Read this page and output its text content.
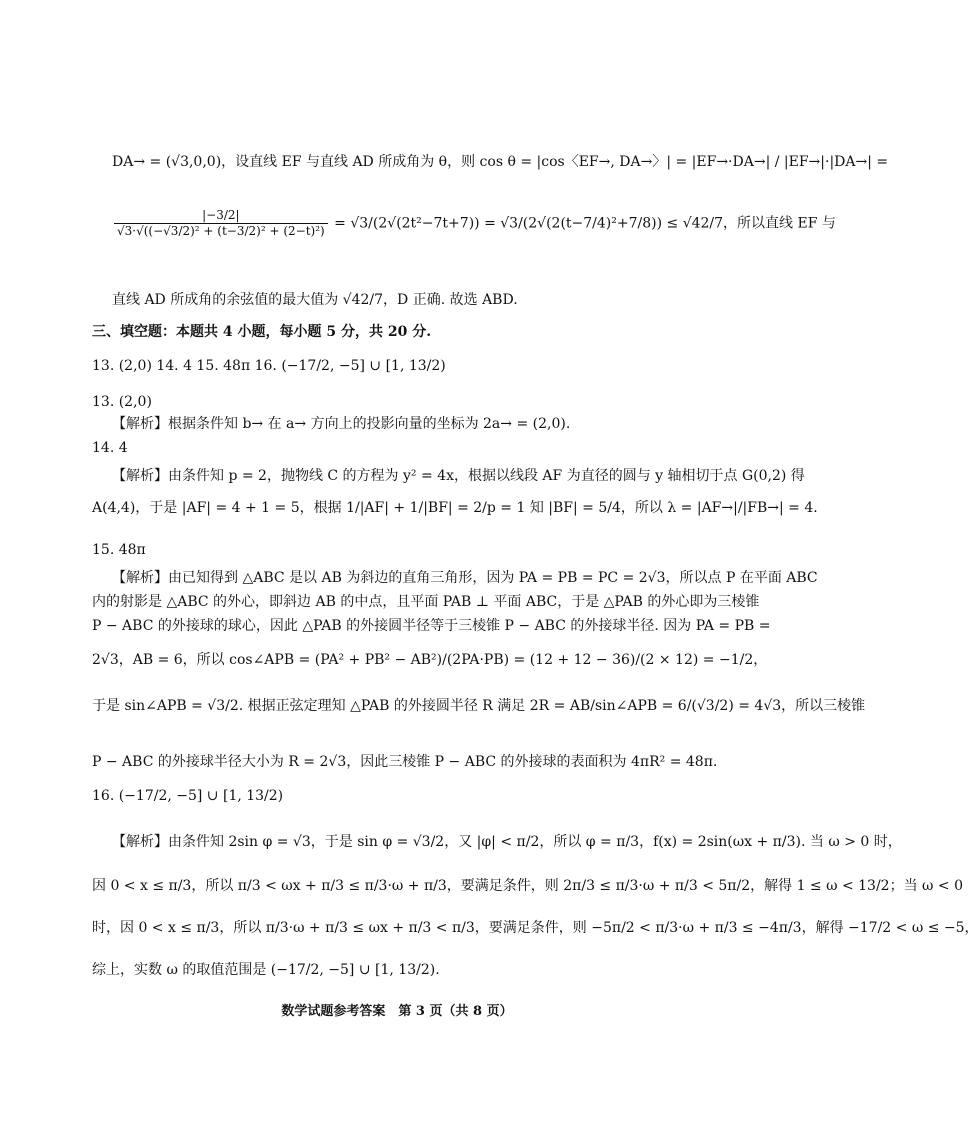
DA→ = (√3,0,0)，设直线 EF 与直线 AD 所成角为 θ，则 cos θ = |cos〈EF→, DA→〉| = |EF→·DA→| / |EF→|·|DA→| =
$\frac{|-3/2|}{\text{√3·√((−√3/2)² + (t−3/2)² + (2−t)²)}} = √3/(2√(2t^2-7t+7)) = √3/(2√(2(t-7/4)^2+7/8)) \le √42/7$，所以直线 EF 与
直线 AD 所成角的余弦值的最大值为 √42/7，D 正确. 故选 ABD.
三、填空题：本题共 4 小题，每小题 5 分，共 20 分.
13. (2,0) 14. 4 15. 48π 16. (−17/2, −5] ∪ [1, 13/2)
13. (2,0)
【解析】根据条件知 b→ 在 a→ 方向上的投影向量的坐标为 2a→ = (2,0).
14. 4
【解析】由条件知 p = 2，抛物线 C 的方程为 y² = 4x，根据以线段 AF 为直径的圆与 y 轴相切于点 G(0,2) 得
A(4,4)，于是 |AF| = 4 + 1 = 5，根据 1/|AF| + 1/|BF| = 2/p = 1 知 |BF| = 5/4，所以 λ = |AF→|/|FB→| = 4.
15. 48π
【解析】由已知得到 △ABC 是以 AB 为斜边的直角三角形，因为 PA = PB = PC = 2√3，所以点 P 在平面 ABC
内的射影是 △ABC 的外心，即斜边 AB 的中点，且平面 PAB ⊥ 平面 ABC，于是 △PAB 的外心即为三棱锥
P − ABC 的外接球的球心，因此 △PAB 的外接圆半径等于三棱锥 P − ABC 的外接球半径. 因为 PA = PB =
2√3，AB = 6，所以 cos∠APB = (PA² + PB² − AB²)/(2PA·PB) = (12 + 12 − 36)/(2 × 12) = −1/2，
于是 sin∠APB = √3/2. 根据正弦定理知 △PAB 的外接圆半径 R 满足 2R = AB/sin∠APB = 6/(√3/2) = 4√3，所以三棱锥
P − ABC 的外接球半径大小为 R = 2√3，因此三棱锥 P − ABC 的外接球的表面积为 4πR² = 48π.
16. (−17/2, −5] ∪ [1, 13/2)
【解析】由条件知 2sin φ = √3，于是 sin φ = √3/2，又 |φ| < π/2，所以 φ = π/3，f(x) = 2sin(ωx + π/3). 当 ω > 0 时，
因 0 < x ≤ π/3，所以 π/3 < ωx + π/3 ≤ π/3·ω + π/3，要满足条件，则 2π/3 ≤ π/3·ω + π/3 < 5π/2，解得 1 ≤ ω < 13/2；当 ω < 0
时，因 0 < x ≤ π/3，所以 π/3·ω + π/3 ≤ ωx + π/3 < π/3，要满足条件，则 −5π/2 < π/3·ω + π/3 ≤ −4π/3，解得 −17/2 < ω ≤ −5，
综上，实数 ω 的取值范围是 (−17/2, −5] ∪ [1, 13/2).
数学试题参考答案　第 3 页（共 8 页）
